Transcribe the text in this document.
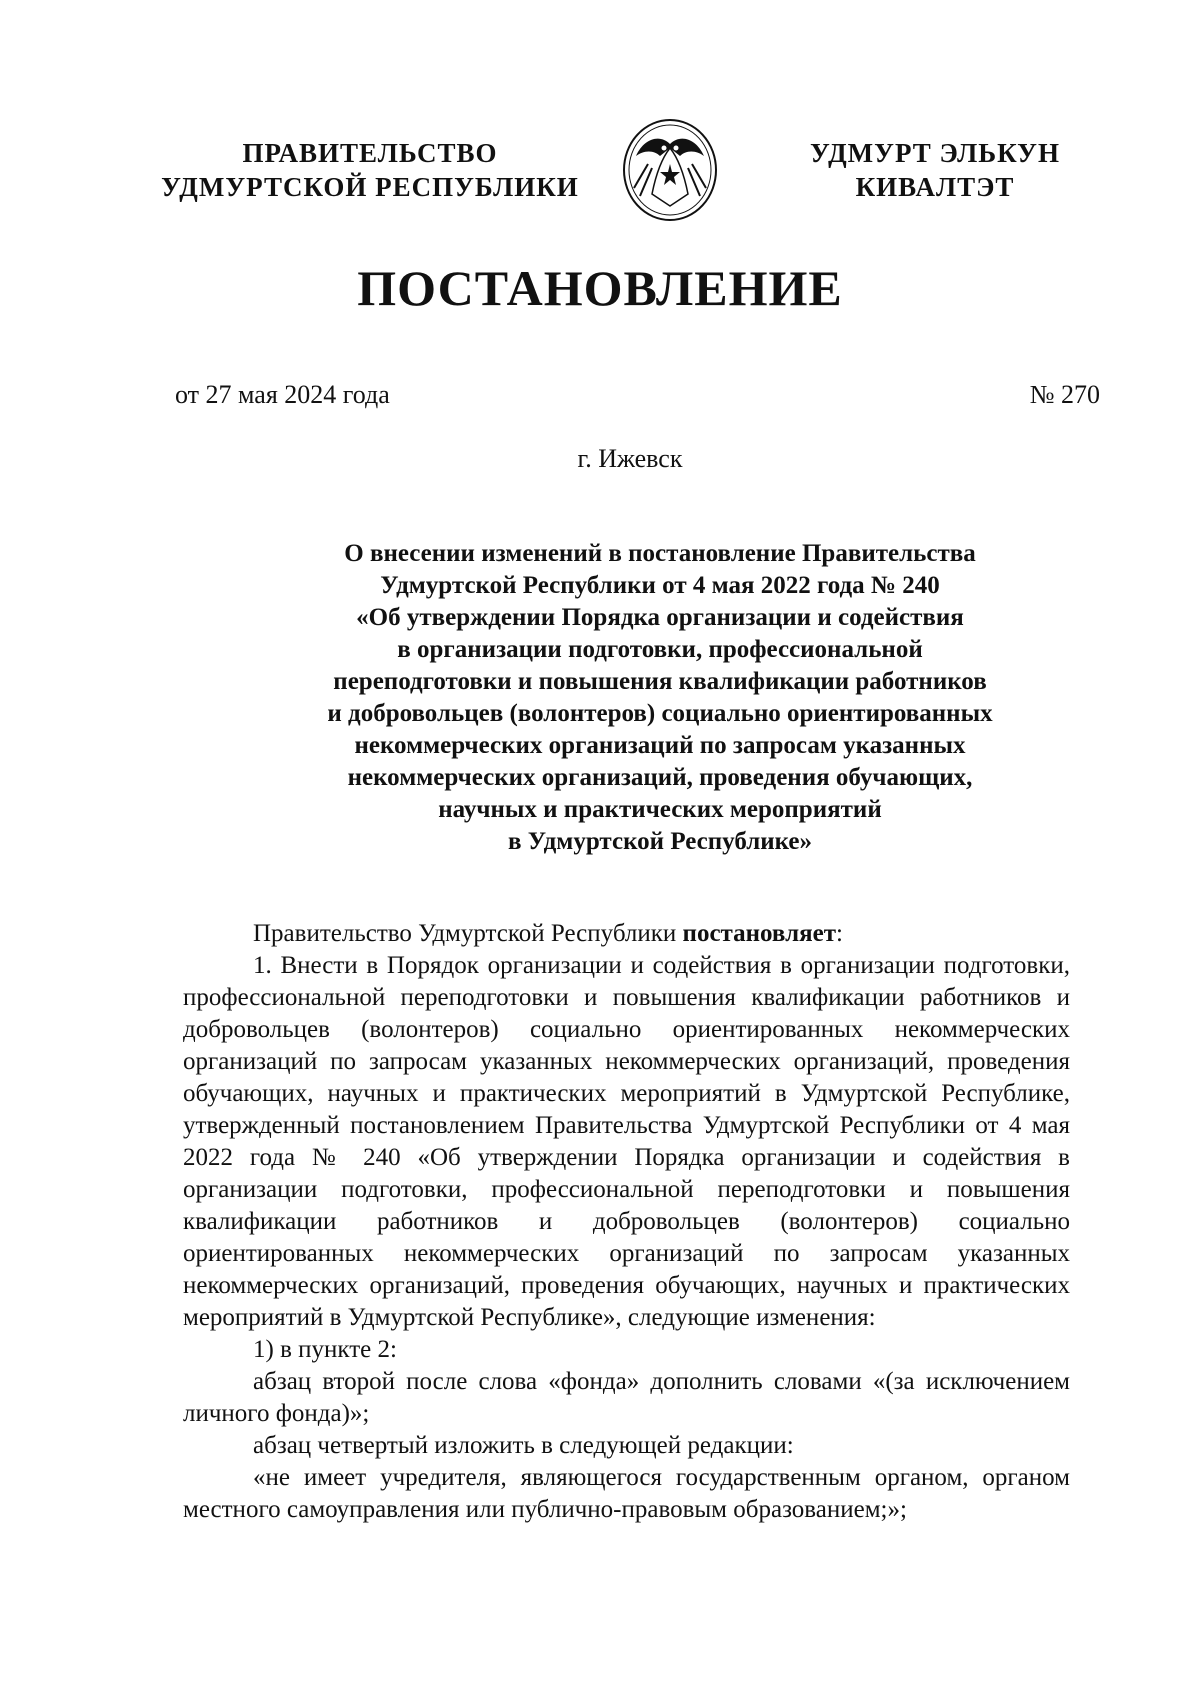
ПРАВИТЕЛЬСТВО
УДМУРТСКОЙ РЕСПУБЛИКИ
УДМУРТ ЭЛЬКУН
КИВАЛТЭТ
ПОСТАНОВЛЕНИЕ
от 27 мая 2024 года	№ 270
г. Ижевск
О внесении изменений в постановление Правительства
Удмуртской Республики от 4 мая 2022 года № 240
«Об утверждении Порядка организации и содействия
в организации подготовки, профессиональной
переподготовки и повышения квалификации работников
и добровольцев (волонтеров) социально ориентированных
некоммерческих организаций по запросам указанных
некоммерческих организаций, проведения обучающих,
научных и практических мероприятий
в Удмуртской Республике»

Правительство Удмуртской Республики постановляет:

1. Внести в Порядок организации и содействия в организации подготовки, профессиональной переподготовки и повышения квалификации работников и добровольцев (волонтеров) социально ориентированных некоммерческих организаций по запросам указанных некоммерческих организаций, проведения обучающих, научных и практических мероприятий в Удмуртской Республике, утвержденный постановлением Правительства Удмуртской Республики от 4 мая 2022 года № 240 «Об утверждении Порядка организации и содействия в организации подготовки, профессиональной переподготовки и повышения квалификации работников и добровольцев (волонтеров) социально ориентированных некоммерческих организаций по запросам указанных некоммерческих организаций, проведения обучающих, научных и практических мероприятий в Удмуртской Республике», следующие изменения:

1) в пункте 2:

абзац второй после слова «фонда» дополнить словами «(за исключением личного фонда)»;

абзац четвертый изложить в следующей редакции:

«не имеет учредителя, являющегося государственным органом, органом местного самоуправления или публично-правовым образованием;»;
